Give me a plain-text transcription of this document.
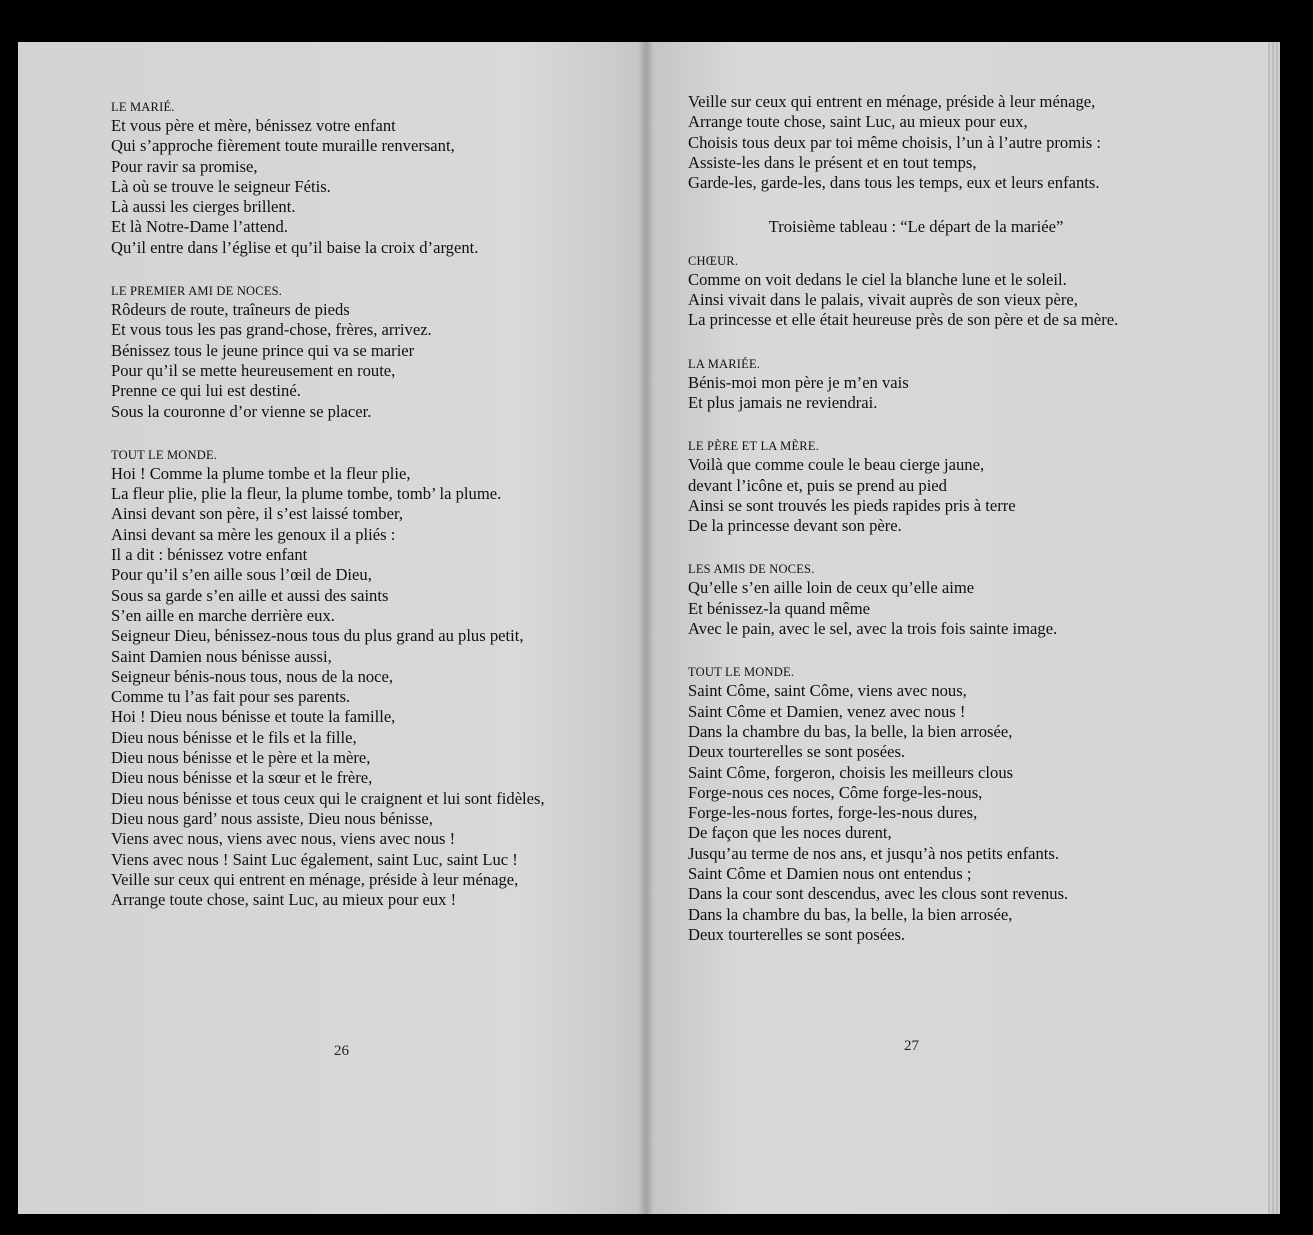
LE MARIÉ.
Et vous père et mère, bénissez votre enfant
Qui s’approche fièrement toute muraille renversant,
Pour ravir sa promise,
Là où se trouve le seigneur Fétis.
Là aussi les cierges brillent.
Et là Notre-Dame l’attend.
Qu’il entre dans l’église et qu’il baise la croix d’argent.
LE PREMIER AMI DE NOCES.
Rôdeurs de route, traîneurs de pieds
Et vous tous les pas grand-chose, frères, arrivez.
Bénissez tous le jeune prince qui va se marier
Pour qu’il se mette heureusement en route,
Prenne ce qui lui est destiné.
Sous la couronne d’or vienne se placer.
TOUT LE MONDE.
Hoi ! Comme la plume tombe et la fleur plie,
La fleur plie, plie la fleur, la plume tombe, tomb’ la plume.
Ainsi devant son père, il s’est laissé tomber,
Ainsi devant sa mère les genoux il a pliés :
Il a dit : bénissez votre enfant
Pour qu’il s’en aille sous l’œil de Dieu,
Sous sa garde s’en aille et aussi des saints
S’en aille en marche derrière eux.
Seigneur Dieu, bénissez-nous tous du plus grand au plus petit,
Saint Damien nous bénisse aussi,
Seigneur bénis-nous tous, nous de la noce,
Comme tu l’as fait pour ses parents.
Hoi ! Dieu nous bénisse et toute la famille,
Dieu nous bénisse et le fils et la fille,
Dieu nous bénisse et le père et la mère,
Dieu nous bénisse et la sœur et le frère,
Dieu nous bénisse et tous ceux qui le craignent et lui sont fidèles,
Dieu nous gard’ nous assiste, Dieu nous bénisse,
Viens avec nous, viens avec nous, viens avec nous !
Viens avec nous ! Saint Luc également, saint Luc, saint Luc !
Veille sur ceux qui entrent en ménage, préside à leur ménage,
Arrange toute chose, saint Luc, au mieux pour eux !
Veille sur ceux qui entrent en ménage, préside à leur ménage,
Arrange toute chose, saint Luc, au mieux pour eux,
Choisis tous deux par toi même choisis, l’un à l’autre promis :
Assiste-les dans le présent et en tout temps,
Garde-les, garde-les, dans tous les temps, eux et leurs enfants.
Troisième tableau : “Le départ de la mariée”
CHŒUR.
Comme on voit dedans le ciel la blanche lune et le soleil.
Ainsi vivait dans le palais, vivait auprès de son vieux père,
La princesse et elle était heureuse près de son père et de sa mère.
LA MARIÉE.
Bénis-moi mon père je m’en vais
Et plus jamais ne reviendrai.
LE PÈRE ET LA MÈRE.
Voilà que comme coule le beau cierge jaune,
devant l’icône et, puis se prend au pied
Ainsi se sont trouvés les pieds rapides pris à terre
De la princesse devant son père.
LES AMIS DE NOCES.
Qu’elle s’en aille loin de ceux qu’elle aime
Et bénissez-la quand même
Avec le pain, avec le sel, avec la trois fois sainte image.
TOUT LE MONDE.
Saint Côme, saint Côme, viens avec nous,
Saint Côme et Damien, venez avec nous !
Dans la chambre du bas, la belle, la bien arrosée,
Deux tourterelles se sont posées.
Saint Côme, forgeron, choisis les meilleurs clous
Forge-nous ces noces, Côme forge-les-nous,
Forge-les-nous fortes, forge-les-nous dures,
De façon que les noces durent,
Jusqu’au terme de nos ans, et jusqu’à nos petits enfants.
Saint Côme et Damien nous ont entendus ;
Dans la cour sont descendus, avec les clous sont revenus.
Dans la chambre du bas, la belle, la bien arrosée,
Deux tourterelles se sont posées.
26	27
